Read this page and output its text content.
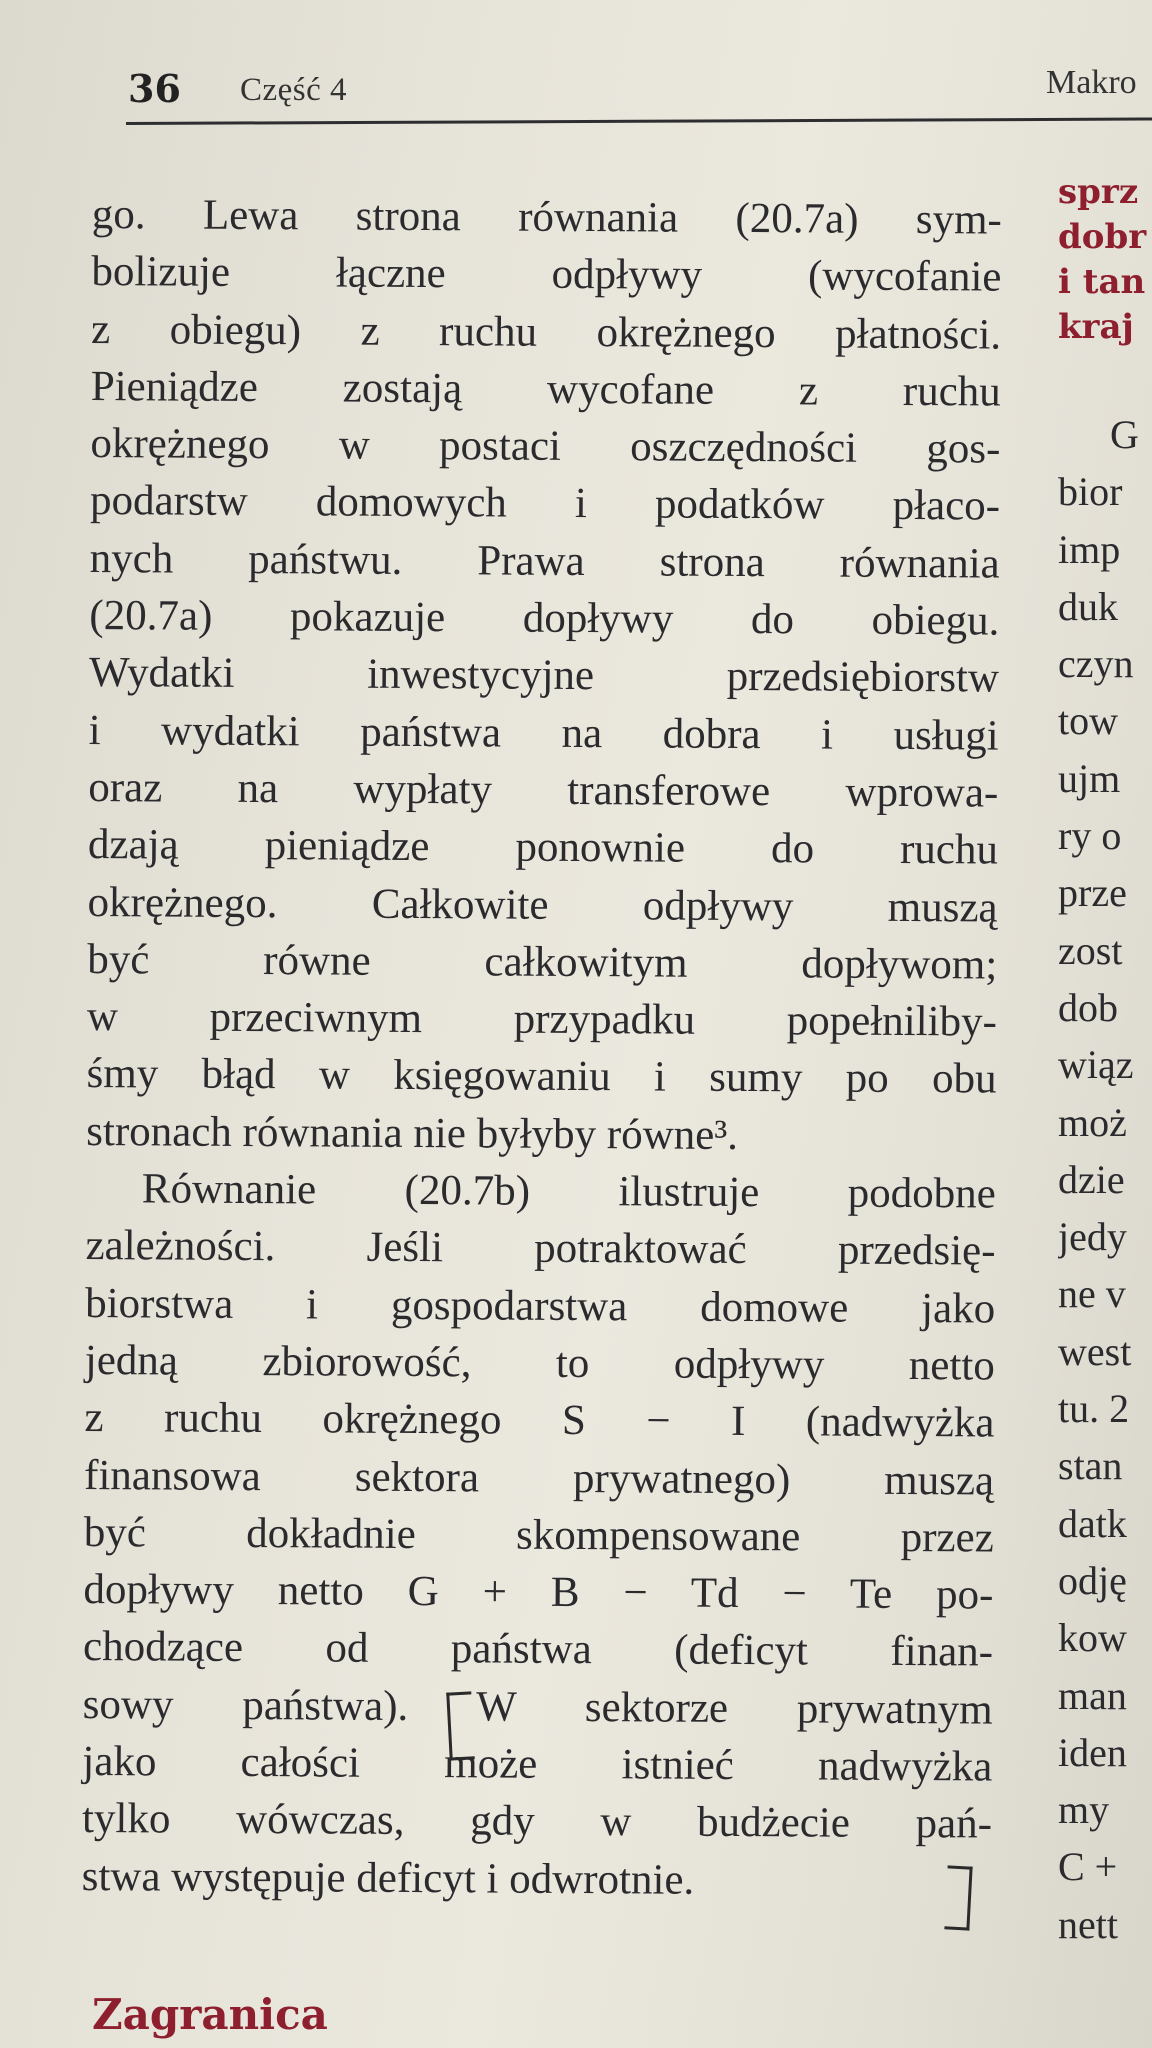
36 Część 4	Makro
go. Lewa strona równania (20.7a) sym-
bolizuje łączne odpływy (wycofanie
z obiegu) z ruchu okrężnego płatności.
Pieniądze zostają wycofane z ruchu
okrężnego w postaci oszczędności gos-
podarstw domowych i podatków płaco-
nych państwu. Prawa strona równania
(20.7a) pokazuje dopływy do obiegu.
Wydatki inwestycyjne przedsiębiorstw
i wydatki państwa na dobra i usługi
oraz na wypłaty transferowe wprowa-
dzają pieniądze ponownie do ruchu
okrężnego. Całkowite odpływy muszą
być równe całkowitym dopływom;
w przeciwnym przypadku popełniliby-
śmy błąd w księgowaniu i sumy po obu
stronach równania nie byłyby równe³.
Równanie (20.7b) ilustruje podobne
zależności. Jeśli potraktować przedsię-
biorstwa i gospodarstwa domowe jako
jedną zbiorowość, to odpływy netto
z ruchu okrężnego S − I (nadwyżka
finansowa sektora prywatnego) muszą
być dokładnie skompensowane przez
dopływy netto G + B − Td − Te po-
chodzące od państwa (deficyt finan-
sowy państwa). W sektorze prywatnym
jako całości może istnieć nadwyżka
tylko wówczas, gdy w budżecie pań-
stwa występuje deficyt i odwrotnie.
Zagranica
sprz
dobr
i tan
kraj
G
bior
imp
duk
czyn
tow
ujm
ry o
prze
zost
dob
wiąz
moż
dzie
jedy
ne v
west
tu. 2
stan
datk
odję
kow
man
iden
my
C +
nett
